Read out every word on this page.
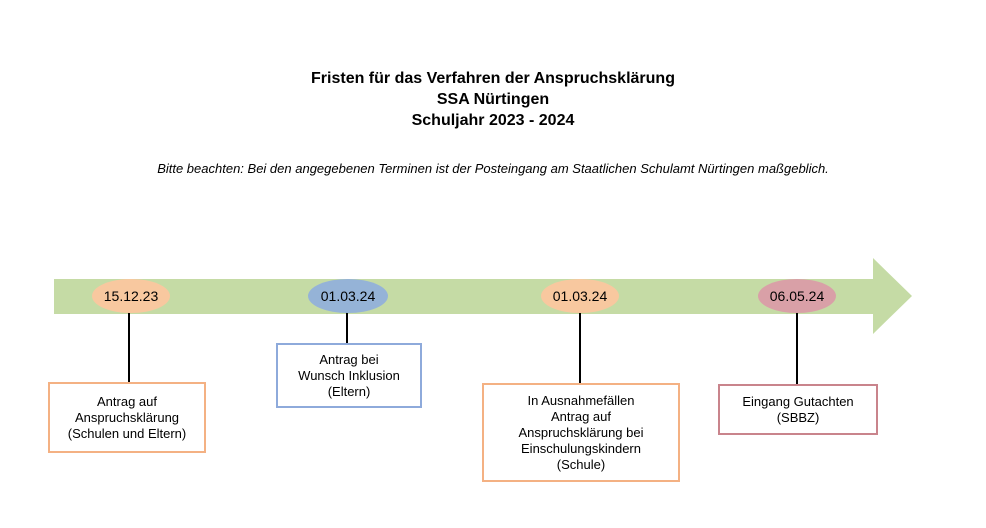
Fristen für das Verfahren der Anspruchsklärung
SSA Nürtingen
Schuljahr 2023 - 2024
Bitte beachten: Bei den angegebenen Terminen ist der Posteingang am Staatlichen Schulamt Nürtingen maßgeblich.
15.12.23
Antrag auf
Anspruchsklärung
(Schulen und Eltern)
01.03.24
Antrag bei
Wunsch Inklusion
(Eltern)
01.03.24
In Ausnahmefällen
Antrag auf
Anspruchsklärung bei
Einschulungskindern
(Schule)
06.05.24
Eingang Gutachten
(SBBZ)
